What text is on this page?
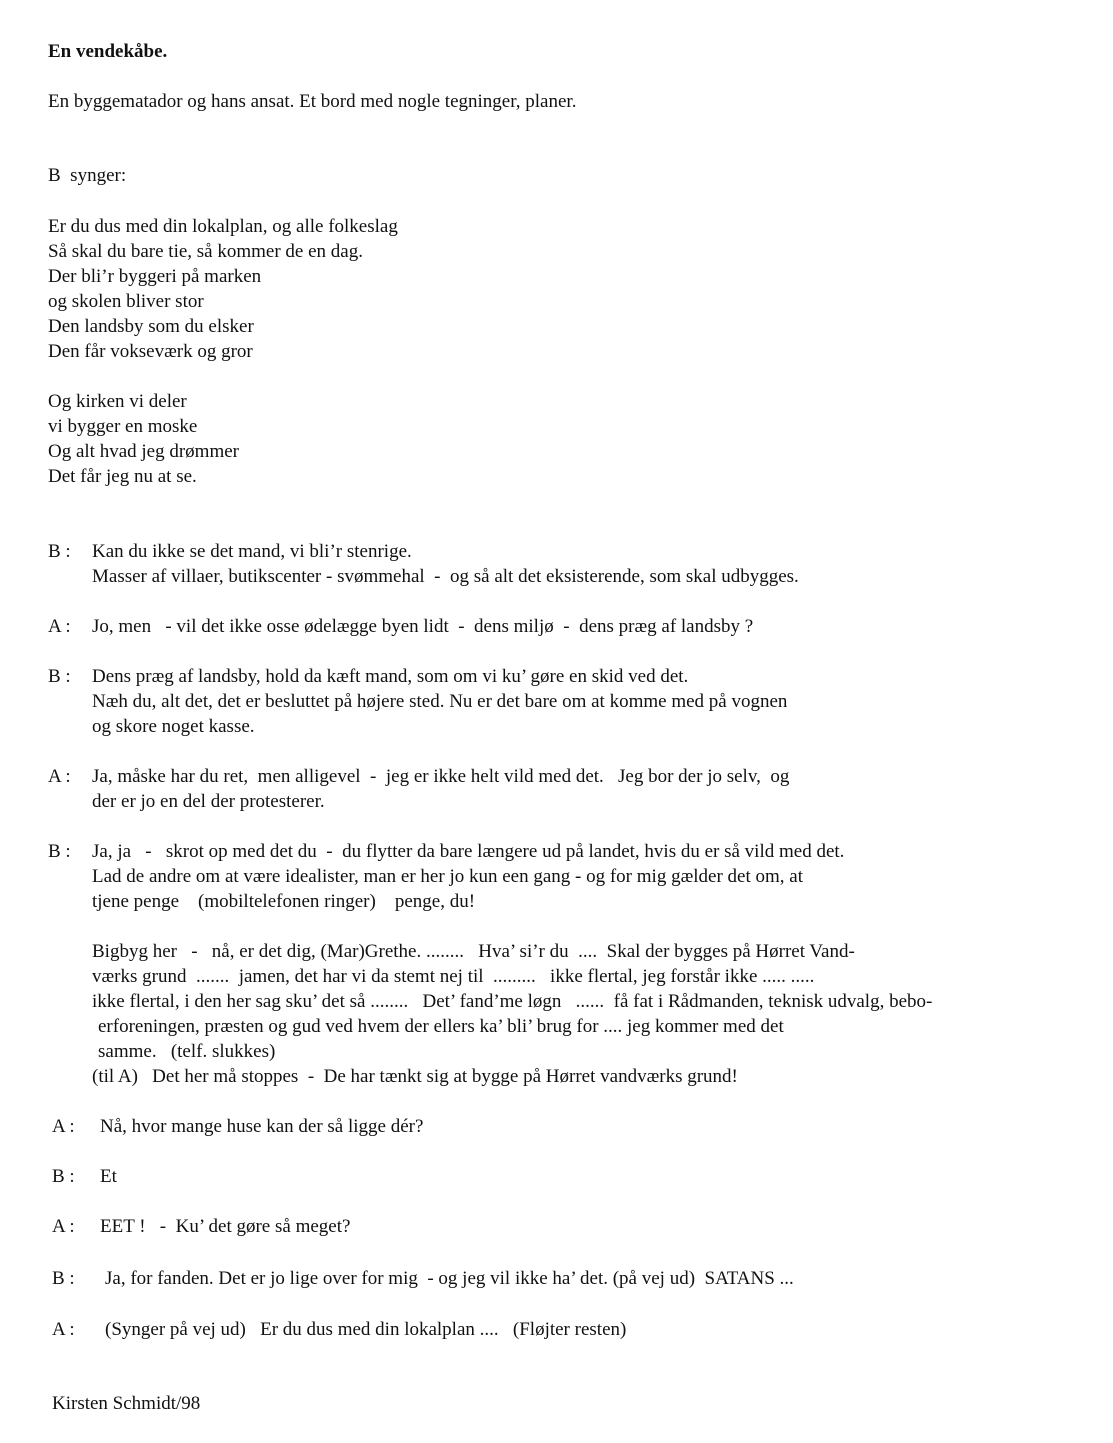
En vendekåbe.
En byggematador og hans ansat. Et bord med nogle tegninger, planer.
B  synger:
Er du dus med din lokalplan, og alle folkeslag
Så skal du bare tie, så kommer de en dag.
Der bli’r byggeri på marken
og skolen bliver stor
Den landsby som du elsker
Den får vokseværk og gror
Og kirken vi deler
vi bygger en moske
Og alt hvad jeg drømmer
Det får jeg nu at se.
B : Kan du ikke se det mand, vi bli’r stenrige.
Masser af villaer, butikscenter - svømmehal  -  og så alt det eksisterende, som skal udbygges.
A : Jo, men   - vil det ikke osse ødelægge byen lidt  -  dens miljø  -  dens præg af landsby ?
B : Dens præg af landsby, hold da kæft mand, som om vi ku’ gøre en skid ved det.
Næh du, alt det, det er besluttet på højere sted. Nu er det bare om at komme med på vognen
og skore noget kasse.
A : Ja, måske har du ret,  men alligevel  -  jeg er ikke helt vild med det.   Jeg bor der jo selv,  og
der er jo en del der protesterer.
B : Ja, ja   -   skrot op med det du  -  du flytter da bare længere ud på landet, hvis du er så vild med det.
Lad de andre om at være idealister, man er her jo kun een gang - og for mig gælder det om, at
tjene penge    (mobiltelefonen ringer)    penge, du!
Bigbyg her   -   nå, er det dig, (Mar)Grethe. ........   Hva’ si’r du  ....  Skal der bygges på Hørret Vand-
værks grund  .......  jamen, det har vi da stemt nej til  .........   ikke flertal, jeg forstår ikke ..... .....
ikke flertal, i den her sag sku’ det så ........   Det’ fand’me løgn   ......  få fat i Rådmanden, teknisk udvalg, bebo-
erforeningen, præsten og gud ved hvem der ellers ka’ bli’ brug for .... jeg kommer med det
samme.   (telf. slukkes)
(til A)   Det her må stoppes  -  De har tænkt sig at bygge på Hørret vandværks grund!
A : Nå, hvor mange huse kan der så ligge dér?
B : Et
A : EET !   -  Ku’ det gøre så meget?
B : Ja, for fanden. Det er jo lige over for mig  - og jeg vil ikke ha’ det. (på vej ud)  SATANS ...
A : (Synger på vej ud)   Er du dus med din lokalplan ....   (Fløjter resten)
Kirsten Schmidt/98
